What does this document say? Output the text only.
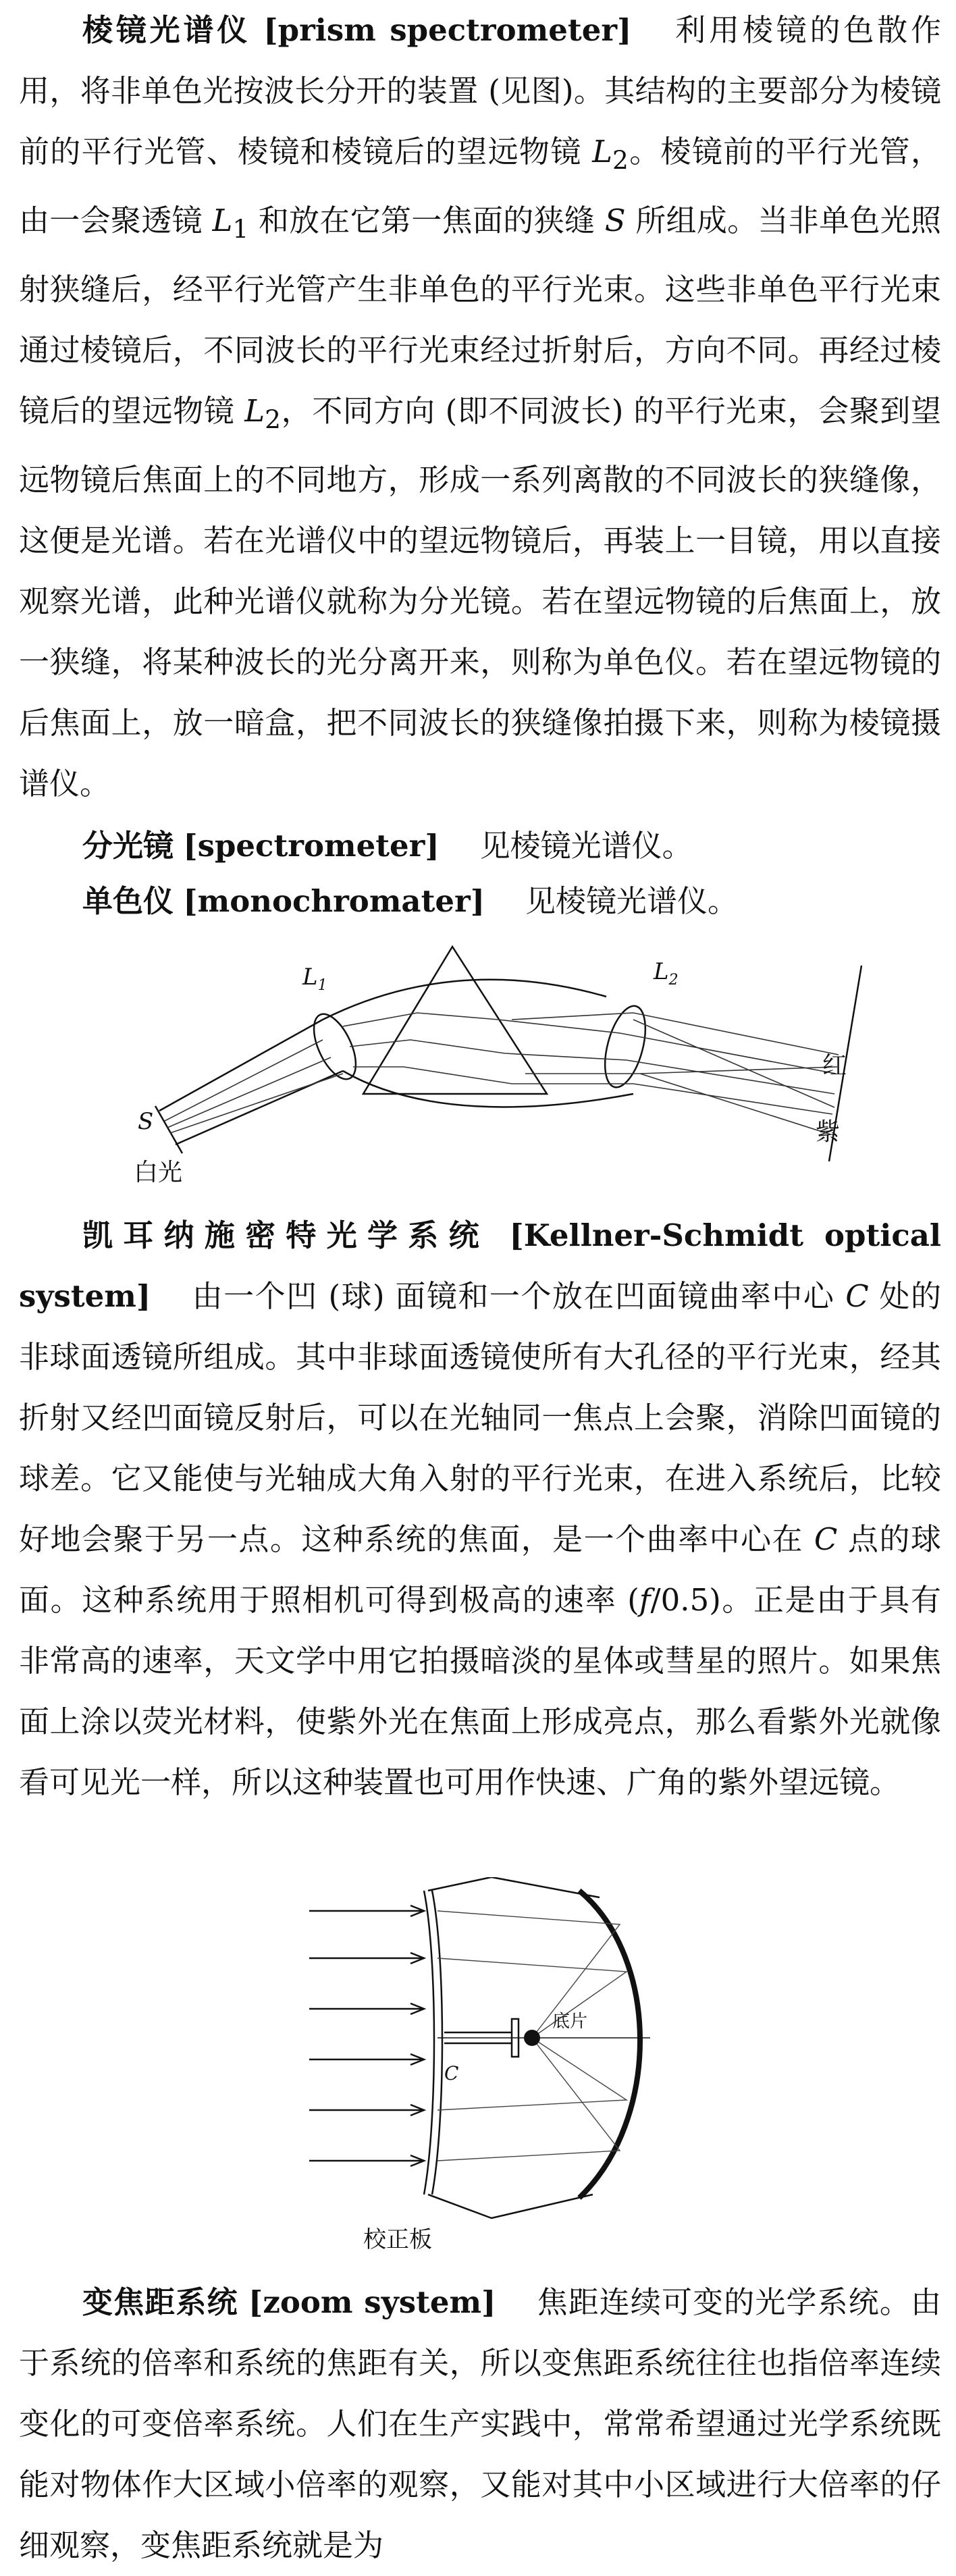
棱镜光谱仪 [prism spectrometer] 利用棱镜的色散作用，将非单色光按波长分开的装置 (见图)。其结构的主要部分为棱镜前的平行光管、棱镜和棱镜后的望远物镜 $L_2$。棱镜前的平行光管，由一会聚透镜 $L_1$ 和放在它第一焦面的狭缝 S 所组成。当非单色光照射狭缝后，经平行光管产生非单色的平行光束。这些非单色平行光束通过棱镜后，不同波长的平行光束经过折射后，方向不同。再经过棱镜后的望远物镜 $L_2$，不同方向 (即不同波长) 的平行光束，会聚到望远物镜后焦面上的不同地方，形成一系列离散的不同波长的狭缝像，这便是光谱。若在光谱仪中的望远物镜后，再装上一目镜，用以直接观察光谱，此种光谱仪就称为分光镜。若在望远物镜的后焦面上，放一狭缝，将某种波长的光分离开来，则称为单色仪。若在望远物镜的后焦面上，放一暗盒，把不同波长的狭缝像拍摄下来，则称为棱镜摄谱仪。

分光镜 [spectrometer] 见棱镜光谱仪。

单色仪 [monochromater] 见棱镜光谱仪。

$L_1$
$L_2$
S
白光
红
紫

凯耳纳施密特光学系统 [Kellner-Schmidt optical system] 由一个凹 (球) 面镜和一个放在凹面镜曲率中心 C 处的非球面透镜所组成。其中非球面透镜使所有大孔径的平行光束，经其折射又经凹面镜反射后，可以在光轴同一焦点上会聚，消除凹面镜的球差。它又能使与光轴成大角入射的平行光束，在进入系统后，比较好地会聚于另一点。这种系统的焦面，是一个曲率中心在 C 点的球面。这种系统用于照相机可得到极高的速率 (f/0.5)。正是由于具有非常高的速率，天文学中用它拍摄暗淡的星体或彗星的照片。如果焦面上涂以荧光材料，使紫外光在焦面上形成亮点，那么看紫外光就像看可见光一样，所以这种装置也可用作快速、广角的紫外望远镜。

底片
C
校正板

变焦距系统 [zoom system] 焦距连续可变的光学系统。由于系统的倍率和系统的焦距有关，所以变焦距系统往往也指倍率连续变化的可变倍率系统。人们在生产实践中，常常希望通过光学系统既能对物体作大区域小倍率的观察，又能对其中小区域进行大倍率的仔细观察，变焦距系统就是为
